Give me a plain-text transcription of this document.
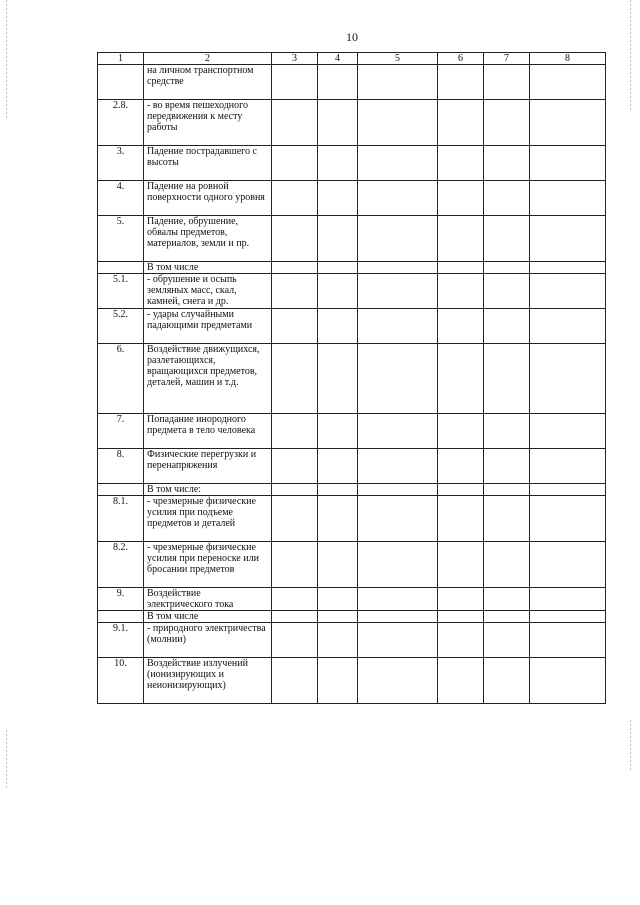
10
1	2	3	4	5	6	7	8
	на личном транспортном средстве						
2.8.	- во время пешеходного передвижения к месту работы						
3.	Падение пострадавшего с высоты						
4.	Падение на ровной поверхности одного уровня						
5.	Падение, обрушение, обвалы предметов, материалов, земли и пр.						
	В том числе						
5.1.	- обрушение и осыпь земляных масс, скал, камней, снега и др.						
5.2.	- удары случайными падающими предметами						
6.	Воздействие движущихся, разлетающихся, вращающихся предметов, деталей, машин и т.д.						
7.	Попадание инородного предмета в тело человека						
8.	Физические перегрузки и перенапряжения						
	В том числе:						
8.1.	- чрезмерные физические усилия при подъеме предметов и деталей						
8.2.	- чрезмерные физические усилия при переноске или бросании предметов						
9.	Воздействие электрического тока						
	В том числе						
9.1.	- природного электричества (молнии)						
10.	Воздействие излучений (ионизирующих и неионизирующих)						
